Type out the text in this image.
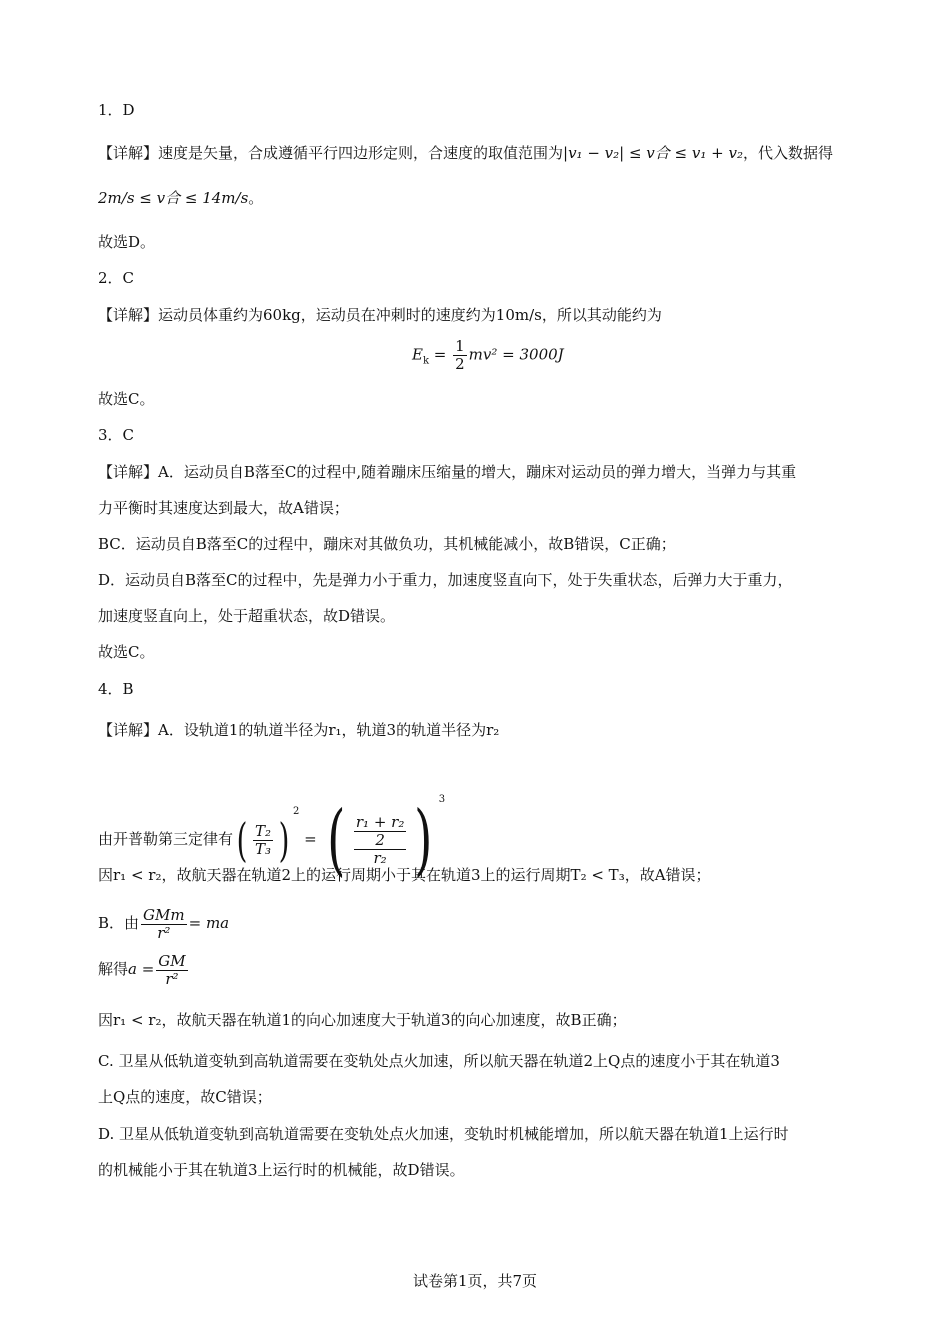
1．D
【详解】速度是矢量，合成遵循平行四边形定则，合速度的取值范围为|v₁ − v₂| ≤ v合 ≤ v₁ + v₂，代入数据得
2m/s ≤ v合 ≤ 14m/s。
故选D。
2．C
【详解】运动员体重约为60kg，运动员在冲刺时的速度约为10m/s，所以其动能约为
$E_k = \frac{1}{2} mv^2 = 3000J$
故选C。
3．C
【详解】A．运动员自B落至C的过程中,随着蹦床压缩量的增大，蹦床对运动员的弹力增大，当弹力与其重
力平衡时其速度达到最大，故A错误；
BC．运动员自B落至C的过程中，蹦床对其做负功，其机械能减小，故B错误，C正确；
D．运动员自B落至C的过程中，先是弹力小于重力，加速度竖直向下，处于失重状态，后弹力大于重力，
加速度竖直向上，处于超重状态，故D错误。
故选C。
4．B
【详解】A．设轨道1的轨道半径为r₁，轨道3的轨道半径为r₂
由开普勒第三定律有( $\frac{\text{T₂}}{\text{T₃}} )^2$ = ( r₁ + r₂
2
r₂ ) $^3$
因r₁ < r₂，故航天器在轨道2上的运行周期小于其在轨道3上的运行周期T₂ < T₃，故A错误；
B．由 $\frac{\text{GMm}}{\text{r²}}$ = ma
解得$a = \frac{GM}{\text{r²}}$
因r₁ < r₂，故航天器在轨道1的向心加速度大于轨道3的向心加速度，故B正确；
C. 卫星从低轨道变轨到高轨道需要在变轨处点火加速，所以航天器在轨道2上Q点的速度小于其在轨道3
上Q点的速度，故C错误；
D. 卫星从低轨道变轨到高轨道需要在变轨处点火加速，变轨时机械能增加，所以航天器在轨道1上运行时
的机械能小于其在轨道3上运行时的机械能，故D错误。
试卷第1页，共7页
